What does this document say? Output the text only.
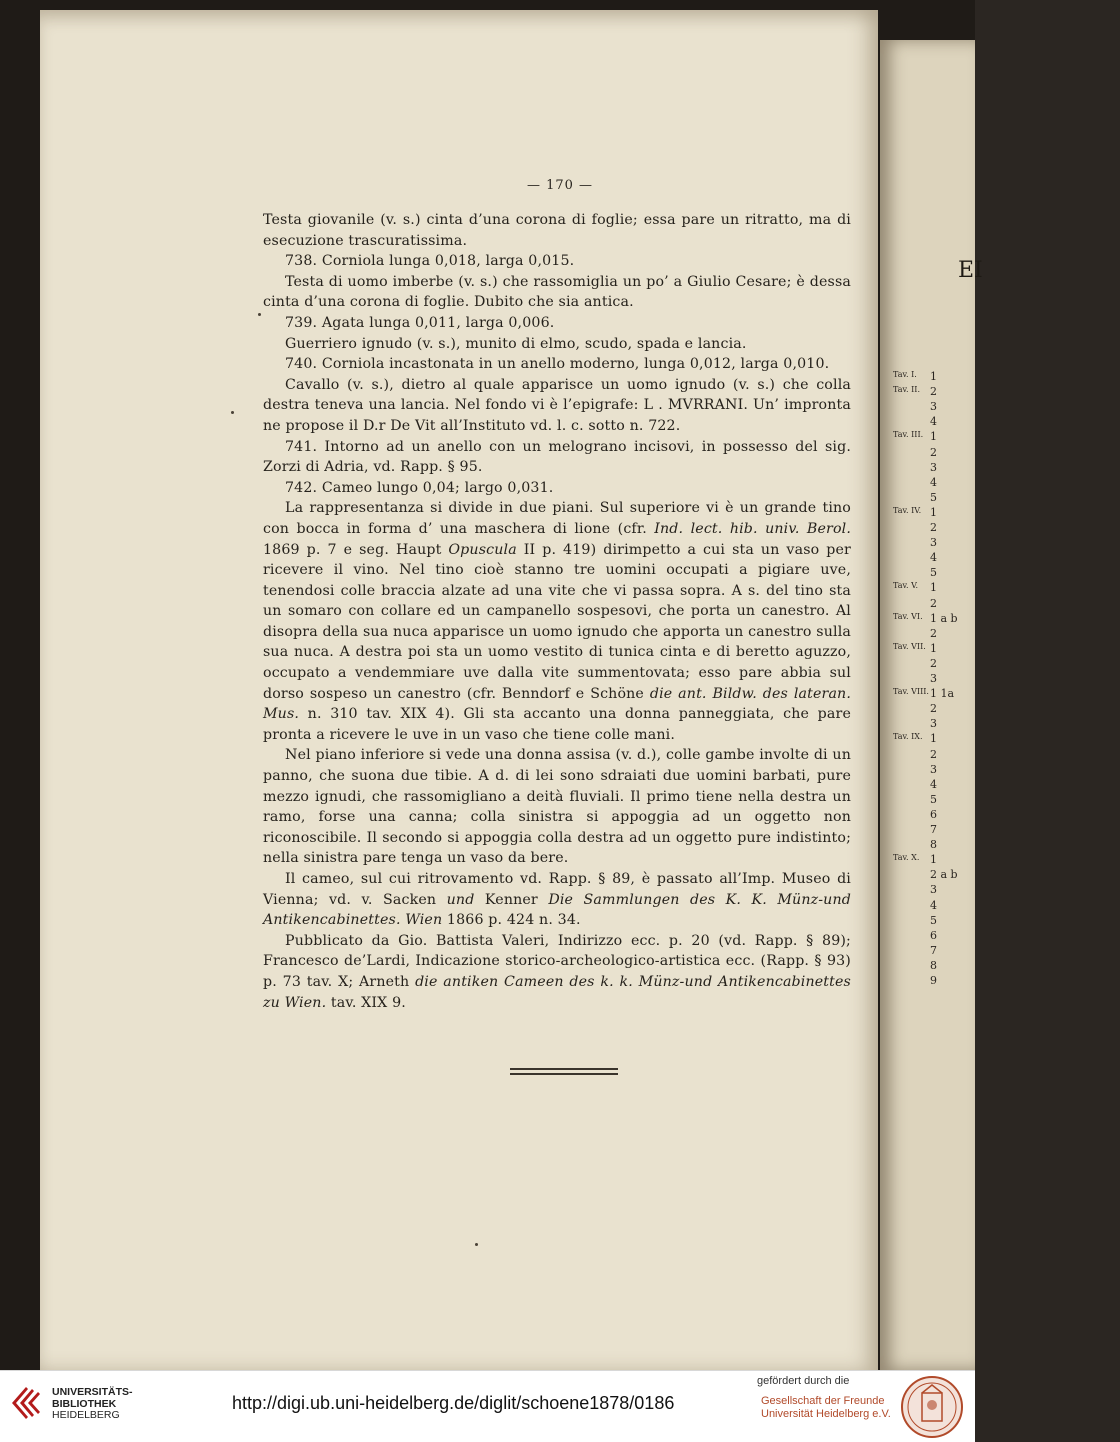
— 170 —

Testa giovanile (v. s.) cinta d’una corona di foglie; essa pare un ritratto, ma di esecuzione trascuratissima.

738. Corniola lunga 0,018, larga 0,015.

Testa di uomo imberbe (v. s.) che rassomiglia un po’ a Giulio Cesare; è dessa cinta d’una corona di foglie. Dubito che sia antica.

739. Agata lunga 0,011, larga 0,006.

Guerriero ignudo (v. s.), munito di elmo, scudo, spada e lancia.

740. Corniola incastonata in un anello moderno, lunga 0,012, larga 0,010.

Cavallo (v. s.), dietro al quale apparisce un uomo ignudo (v. s.) che colla destra teneva una lancia. Nel fondo vi è l’epigrafe: L . MVRRANI. Un’ impronta ne propose il D.r De Vit all’Instituto vd. l. c. sotto n. 722.

741. Intorno ad un anello con un melograno incisovi, in possesso del sig. Zorzi di Adria, vd. Rapp. § 95.

742. Cameo lungo 0,04; largo 0,031.

La rappresentanza si divide in due piani. Sul superiore vi è un grande tino con bocca in forma d’ una maschera di lione (cfr. Ind. lect. hib. univ. Berol. 1869 p. 7 e seg. Haupt Opuscula II p. 419) dirimpetto a cui sta un vaso per ricevere il vino. Nel tino cioè stanno tre uomini occupati a pigiare uve, tenendosi colle braccia alzate ad una vite che vi passa sopra. A s. del tino sta un somaro con collare ed un campanello sospesovi, che porta un canestro. Al disopra della sua nuca apparisce un uomo ignudo che apporta un canestro sulla sua nuca. A destra poi sta un uomo vestito di tunica cinta e di beretto aguzzo, occupato a vendemmiare uve dalla vite summentovata; esso pare abbia sul dorso sospeso un canestro (cfr. Benndorf e Schöne die ant. Bildw. des lateran. Mus. n. 310 tav. XIX 4). Gli sta accanto una donna panneggiata, che pare pronta a ricevere le uve in un vaso che tiene colle mani.

Nel piano inferiore si vede una donna assisa (v. d.), colle gambe involte di un panno, che suona due tibie. A d. di lei sono sdraiati due uomini barbati, pure mezzo ignudi, che rassomigliano a deità fluviali. Il primo tiene nella destra un ramo, forse una canna; colla sinistra si appoggia ad un oggetto non riconoscibile. Il secondo si appoggia colla destra ad un oggetto pure indistinto; nella sinistra pare tenga un vaso da bere.

Il cameo, sul cui ritrovamento vd. Rapp. § 89, è passato all’Imp. Museo di Vienna; vd. v. Sacken und Kenner Die Sammlungen des K. K. Münz-und Antikencabinettes. Wien 1866 p. 424 n. 34.

Pubblicato da Gio. Battista Valeri, Indirizzo ecc. p. 20 (vd. Rapp. § 89); Francesco de’Lardi, Indicazione storico-archeologico-artistica ecc. (Rapp. § 93) p. 73 tav. X; Arneth die antiken Cameen des k. k. Münz-und Antikencabinettes zu Wien. tav. XIX 9.

EI
Tav. I. 1
Tav. II. 2
3
4
Tav. III. 1
2
3
4
5
Tav. IV. 1
2
3
4
5
Tav. V. 1
2
Tav. VI. 1 a b
2
Tav. VII. 1
2
3
Tav. VIII. 1 1a
2
3
Tav. IX. 1
2
3
4
5
6
7
8
Tav. X. 1
2 a b
3
4
5
6
7
8
9
UNIVERSITÄTS-
BIBLIOTHEK
HEIDELBERG
http://digi.ub.uni-heidelberg.de/diglit/schoene1878/0186
gefördert durch die
Gesellschaft der Freunde
Universität Heidelberg e.V.
